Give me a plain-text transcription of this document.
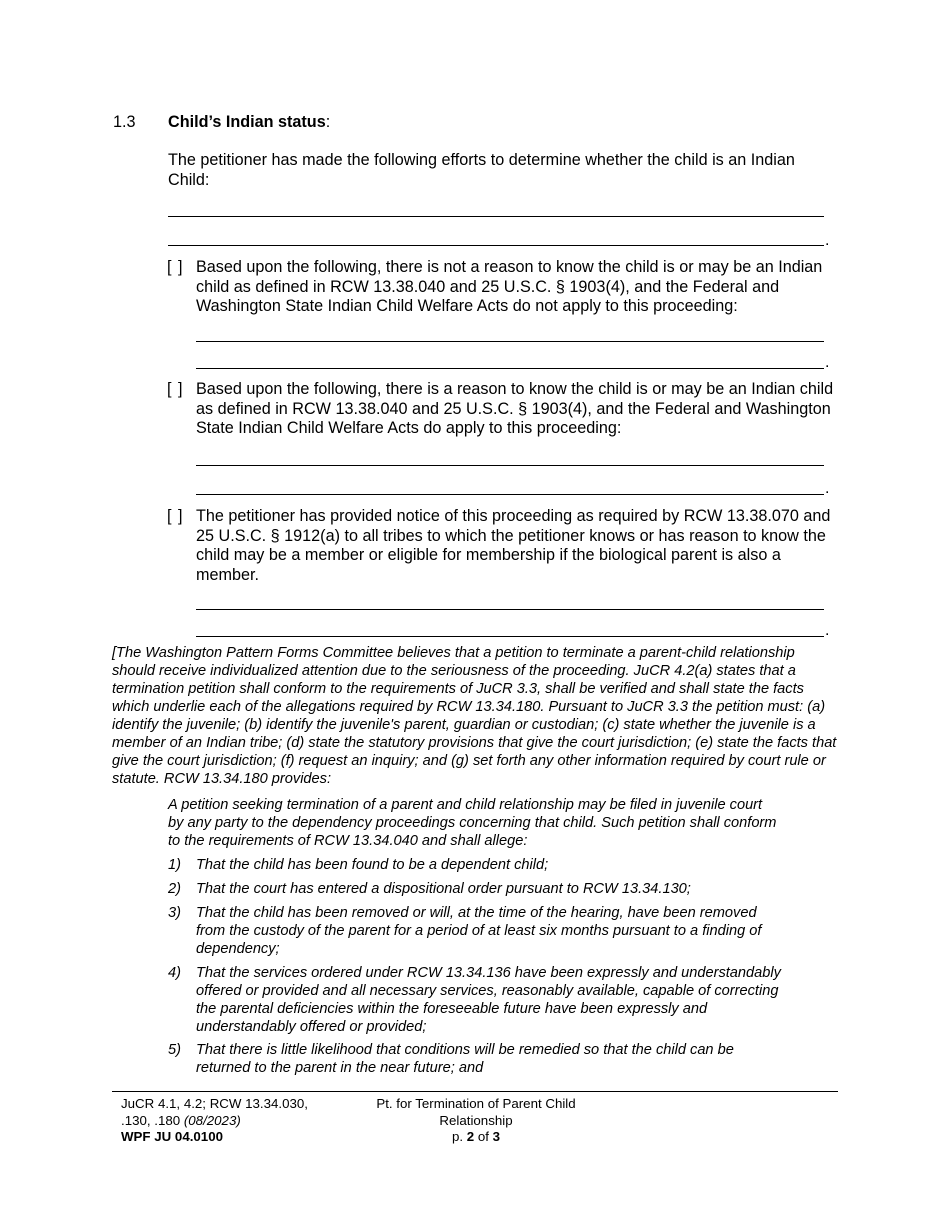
1.3 Child’s Indian status:
The petitioner has made the following efforts to determine whether the child is an Indian Child:
.
[ ] Based upon the following, there is not a reason to know the child is or may be an Indian child as defined in RCW 13.38.040 and 25 U.S.C. § 1903(4), and the Federal and Washington State Indian Child Welfare Acts do not apply to this proceeding:
.
[ ] Based upon the following, there is a reason to know the child is or may be an Indian child as defined in RCW 13.38.040 and 25 U.S.C. § 1903(4), and the Federal and Washington State Indian Child Welfare Acts do apply to this proceeding:
.
[ ] The petitioner has provided notice of this proceeding as required by RCW 13.38.070 and 25 U.S.C. § 1912(a) to all tribes to which the petitioner knows or has reason to know the child may be a member or eligible for membership if the biological parent is also a member.
.
[The Washington Pattern Forms Committee believes that a petition to terminate a parent-child relationship should receive individualized attention due to the seriousness of the proceeding. JuCR 4.2(a) states that a termination petition shall conform to the requirements of JuCR 3.3, shall be verified and shall state the facts which underlie each of the allegations required by RCW 13.34.180. Pursuant to JuCR 3.3 the petition must: (a) identify the juvenile; (b) identify the juvenile's parent, guardian or custodian; (c) state whether the juvenile is a member of an Indian tribe; (d) state the statutory provisions that give the court jurisdiction; (e) state the facts that give the court jurisdiction; (f) request an inquiry; and (g) set forth any other information required by court rule or statute. RCW 13.34.180 provides:
A petition seeking termination of a parent and child relationship may be filed in juvenile court by any party to the dependency proceedings concerning that child. Such petition shall conform to the requirements of RCW 13.34.040 and shall allege:
1) That the child has been found to be a dependent child;
2) That the court has entered a dispositional order pursuant to RCW 13.34.130;
3) That the child has been removed or will, at the time of the hearing, have been removed from the custody of the parent for a period of at least six months pursuant to a finding of dependency;
4) That the services ordered under RCW 13.34.136 have been expressly and understandably offered or provided and all necessary services, reasonably available, capable of correcting the parental deficiencies within the foreseeable future have been expressly and understandably offered or provided;
5) That there is little likelihood that conditions will be remedied so that the child can be returned to the parent in the near future; and
JuCR 4.1, 4.2; RCW 13.34.030,
.130, .180 (08/2023)
WPF JU 04.0100
Pt. for Termination of Parent Child
Relationship
p. 2 of 3
